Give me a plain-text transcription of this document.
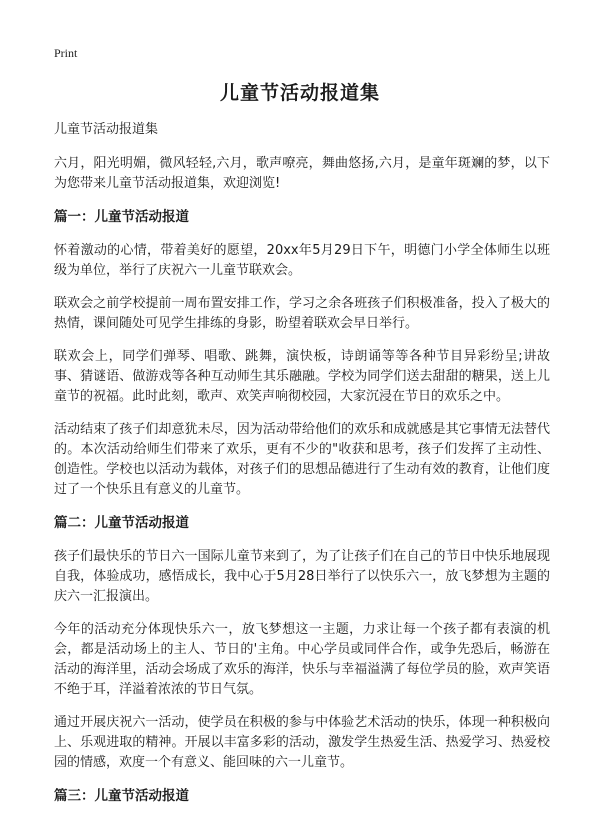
Print
儿童节活动报道集
儿童节活动报道集

六月，阳光明媚，微风轻轻,六月，歌声嘹亮，舞曲悠扬,六月，是童年斑斓的梦，以下为您带来儿童节活动报道集，欢迎浏览!

篇一：儿童节活动报道

怀着激动的心情，带着美好的愿望，20xx年5月29日下午，明德门小学全体师生以班级为单位，举行了庆祝六一儿童节联欢会。

联欢会之前学校提前一周布置安排工作，学习之余各班孩子们积极准备，投入了极大的热情，课间随处可见学生排练的身影，盼望着联欢会早日举行。

联欢会上，同学们弹琴、唱歌、跳舞，演快板，诗朗诵等等各种节目异彩纷呈;讲故事、猜谜语、做游戏等各种互动师生其乐融融。学校为同学们送去甜甜的糖果，送上儿童节的祝福。此时此刻，歌声、欢笑声响彻校园，大家沉浸在节日的欢乐之中。

活动结束了孩子们却意犹未尽，因为活动带给他们的欢乐和成就感是其它事情无法替代的。本次活动给师生们带来了欢乐，更有不少的"收获和思考，孩子们发挥了主动性、创造性。学校也以活动为载体，对孩子们的思想品德进行了生动有效的教育，让他们度过了一个快乐且有意义的儿童节。

篇二：儿童节活动报道

孩子们最快乐的节日六一国际儿童节来到了，为了让孩子们在自己的节日中快乐地展现自我，体验成功，感悟成长，我中心于5月28日举行了以快乐六一，放飞梦想为主题的庆六一汇报演出。

今年的活动充分体现快乐六一，放飞梦想这一主题，力求让每一个孩子都有表演的机会，都是活动场上的主人、节日的'主角。中心学员或同伴合作，或争先恐后，畅游在活动的海洋里，活动会场成了欢乐的海洋，快乐与幸福溢满了每位学员的脸，欢声笑语不绝于耳，洋溢着浓浓的节日气氛。

通过开展庆祝六一活动，使学员在积极的参与中体验艺术活动的快乐，体现一种积极向上、乐观进取的精神。开展以丰富多彩的活动，激发学生热爱生活、热爱学习、热爱校园的情感，欢度一个有意义、能回味的六一儿童节。

篇三：儿童节活动报道
